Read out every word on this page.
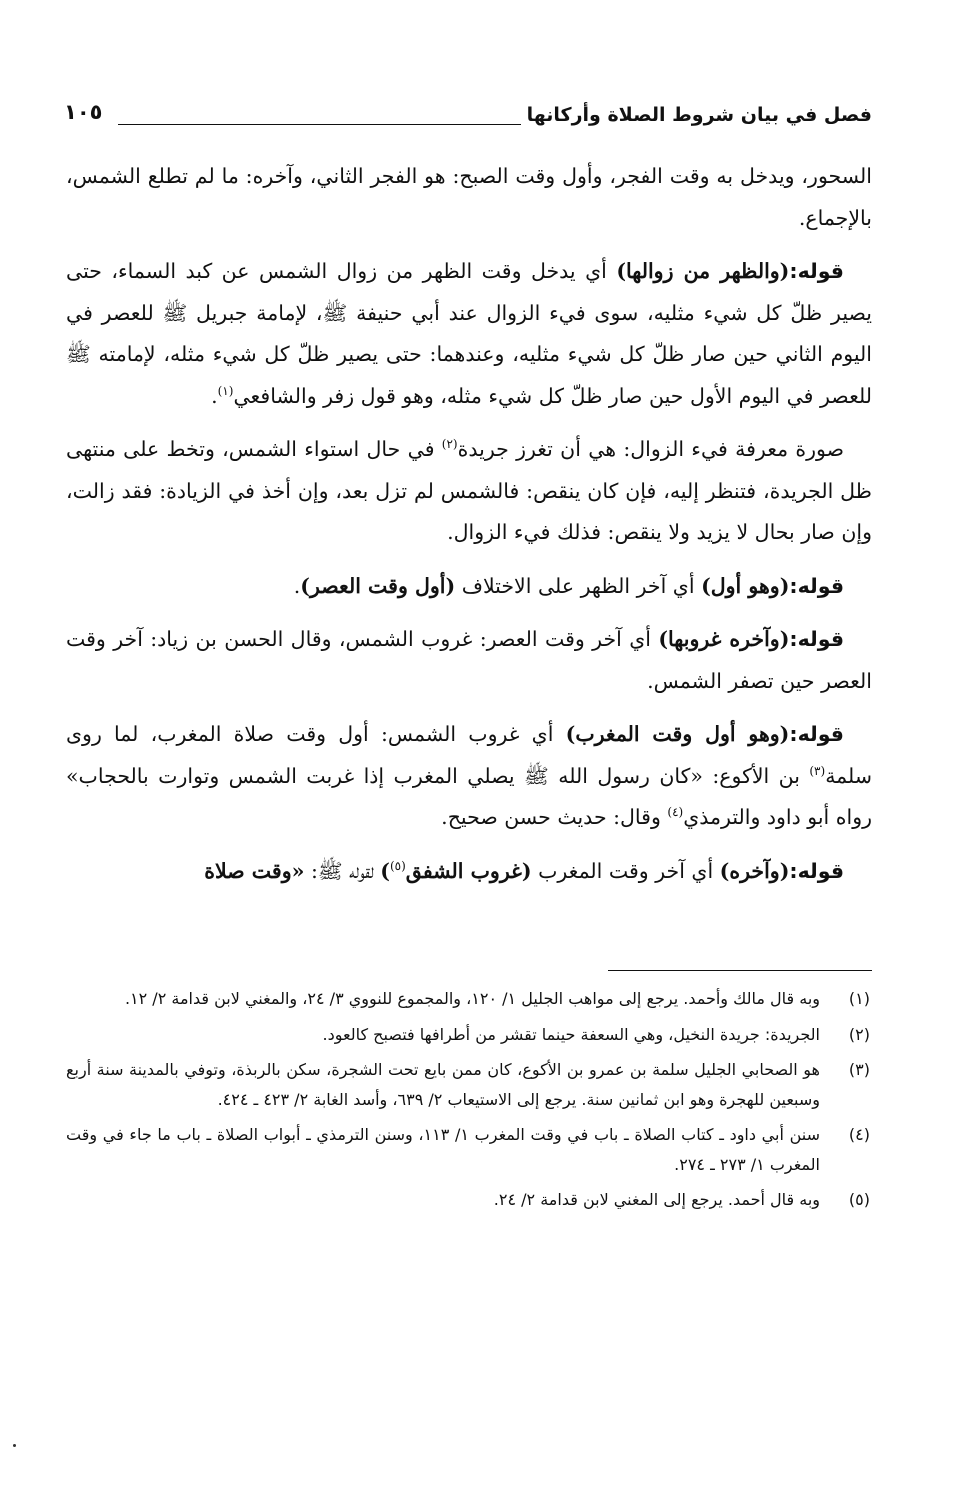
فصل في بيان شروط الصلاة وأركانها
١٠٥

السحور، ويدخل به وقت الفجر، وأول وقت الصبح: هو الفجر الثاني، وآخره: ما لم تطلع الشمس، بالإجماع.

قوله:(والظهر من زوالها) أي يدخل وقت الظهر من زوال الشمس عن كبد السماء، حتى يصير ظلّ كل شيء مثليه، سوى فيء الزوال عند أبي حنيفة ﷺ، لإمامة جبريل ﷺ للعصر في اليوم الثاني حين صار ظلّ كل شيء مثليه، وعندهما: حتى يصير ظلّ كل شيء مثله، لإمامته ﷺ للعصر في اليوم الأول حين صار ظلّ كل شيء مثله، وهو قول زفر والشافعي$^{(١)}$.

صورة معرفة فيء الزوال: هي أن تغرز جريدة$^{(٢)}$ في حال استواء الشمس، وتخط على منتهى ظل الجريدة، فتنظر إليه، فإن كان ينقص: فالشمس لم تزل بعد، وإن أخذ في الزيادة: فقد زالت، وإن صار بحال لا يزيد ولا ينقص: فذلك فيء الزوال.

قوله:(وهو أول) أي آخر الظهر على الاختلاف (أول وقت العصر).

قوله:(وآخره غروبها) أي آخر وقت العصر: غروب الشمس، وقال الحسن بن زياد: آخر وقت العصر حين تصفر الشمس.

قوله:(وهو أول وقت المغرب) أي غروب الشمس: أول وقت صلاة المغرب، لما روى سلمة$^{(٣)}$ بن الأكوع: «كان رسول الله ﷺ يصلي المغرب إذا غربت الشمس وتوارت بالحجاب» رواه أبو داود والترمذي$^{(٤)}$ وقال: حديث حسن صحيح.

قوله:(وآخره) أي آخر وقت المغرب (غروب الشفق$^{(٥)}$) لقوله ﷺ: «وقت صلاة

(١)
وبه قال مالك وأحمد. يرجع إلى مواهب الجليل ١/ ١٢٠، والمجموع للنووي ٣/ ٢٤، والمغني لابن قدامة ٢/ ١٢.
(٢)
الجريدة: جريدة النخيل، وهي السعفة حينما تقشر من أطرافها فتصبح كالعود.
(٣)
هو الصحابي الجليل سلمة بن عمرو بن الأكوع، كان ممن بايع تحت الشجرة، سكن بالربذة، وتوفي بالمدينة سنة أربع وسبعين للهجرة وهو ابن ثمانين سنة. يرجع إلى الاستيعاب ٢/ ٦٣٩، وأسد الغابة ٢/ ٤٢٣ ـ ٤٢٤.
(٤)
سنن أبي داود ـ كتاب الصلاة ـ باب في وقت المغرب ١/ ١١٣، وسنن الترمذي ـ أبواب الصلاة ـ باب ما جاء في وقت المغرب ١/ ٢٧٣ ـ ٢٧٤.
(٥)
وبه قال أحمد. يرجع إلى المغني لابن قدامة ٢/ ٢٤.
